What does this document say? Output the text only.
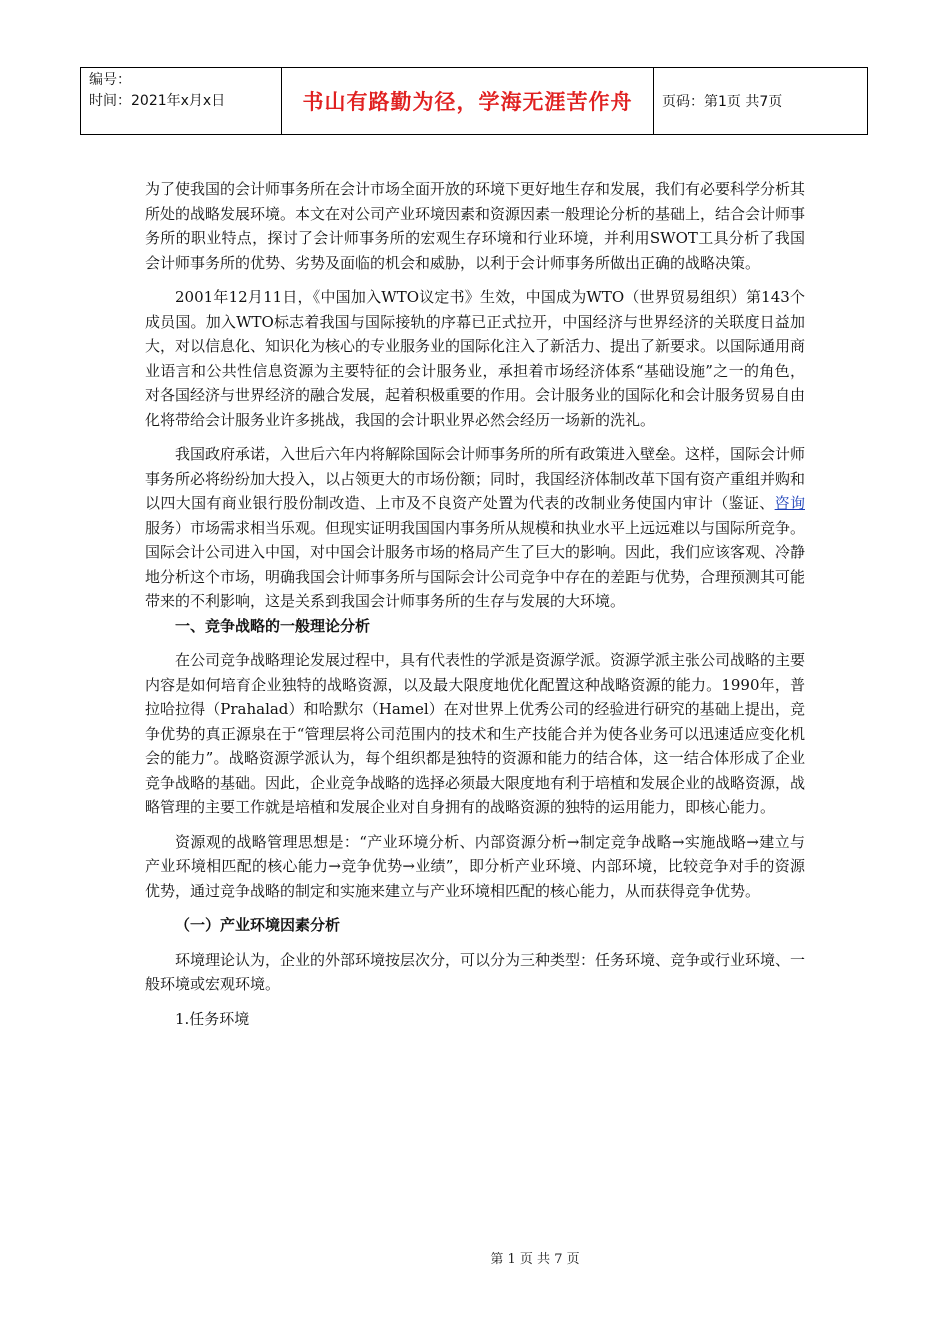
编号：
时间：2021年x月x日	书山有路勤为径，学海无涯苦作舟	页码：第1页 共7页

为了使我国的会计师事务所在会计市场全面开放的环境下更好地生存和发展，我们有必要科学分析其所处的战略发展环境。本文在对公司产业环境因素和资源因素一般理论分析的基础上，结合会计师事务所的职业特点，探讨了会计师事务所的宏观生存环境和行业环境，并利用SWOT工具分析了我国会计师事务所的优势、劣势及面临的机会和威胁，以利于会计师事务所做出正确的战略决策。

2001年12月11日，《中国加入WTO议定书》生效，中国成为WTO（世界贸易组织）第143个成员国。加入WTO标志着我国与国际接轨的序幕已正式拉开，中国经济与世界经济的关联度日益加大，对以信息化、知识化为核心的专业服务业的国际化注入了新活力、提出了新要求。以国际通用商业语言和公共性信息资源为主要特征的会计服务业，承担着市场经济体系“基础设施”之一的角色，对各国经济与世界经济的融合发展，起着积极重要的作用。会计服务业的国际化和会计服务贸易自由化将带给会计服务业许多挑战，我国的会计职业界必然会经历一场新的洗礼。

我国政府承诺，入世后六年内将解除国际会计师事务所的所有政策进入壁垒。这样，国际会计师事务所必将纷纷加大投入，以占领更大的市场份额；同时，我国经济体制改革下国有资产重组并购和以四大国有商业银行股份制改造、上市及不良资产处置为代表的改制业务使国内审计（鉴证、咨询服务）市场需求相当乐观。但现实证明我国国内事务所从规模和执业水平上远远难以与国际所竞争。国际会计公司进入中国，对中国会计服务市场的格局产生了巨大的影响。因此，我们应该客观、冷静地分析这个市场，明确我国会计师事务所与国际会计公司竞争中存在的差距与优势，合理预测其可能带来的不利影响，这是关系到我国会计师事务所的生存与发展的大环境。

一、竞争战略的一般理论分析

在公司竞争战略理论发展过程中，具有代表性的学派是资源学派。资源学派主张公司战略的主要内容是如何培育企业独特的战略资源，以及最大限度地优化配置这种战略资源的能力。1990年，普拉哈拉得（Prahalad）和哈默尔（Hamel）在对世界上优秀公司的经验进行研究的基础上提出，竞争优势的真正源泉在于“管理层将公司范围内的技术和生产技能合并为使各业务可以迅速适应变化机会的能力”。战略资源学派认为，每个组织都是独特的资源和能力的结合体，这一结合体形成了企业竞争战略的基础。因此，企业竞争战略的选择必须最大限度地有利于培植和发展企业的战略资源，战略管理的主要工作就是培植和发展企业对自身拥有的战略资源的独特的运用能力，即核心能力。

资源观的战略管理思想是：“产业环境分析、内部资源分析→制定竞争战略→实施战略→建立与产业环境相匹配的核心能力→竞争优势→业绩”，即分析产业环境、内部环境，比较竞争对手的资源优势，通过竞争战略的制定和实施来建立与产业环境相匹配的核心能力，从而获得竞争优势。

（一）产业环境因素分析

环境理论认为，企业的外部环境按层次分，可以分为三种类型：任务环境、竞争或行业环境、一般环境或宏观环境。

1.任务环境

第 1 页 共 7 页
